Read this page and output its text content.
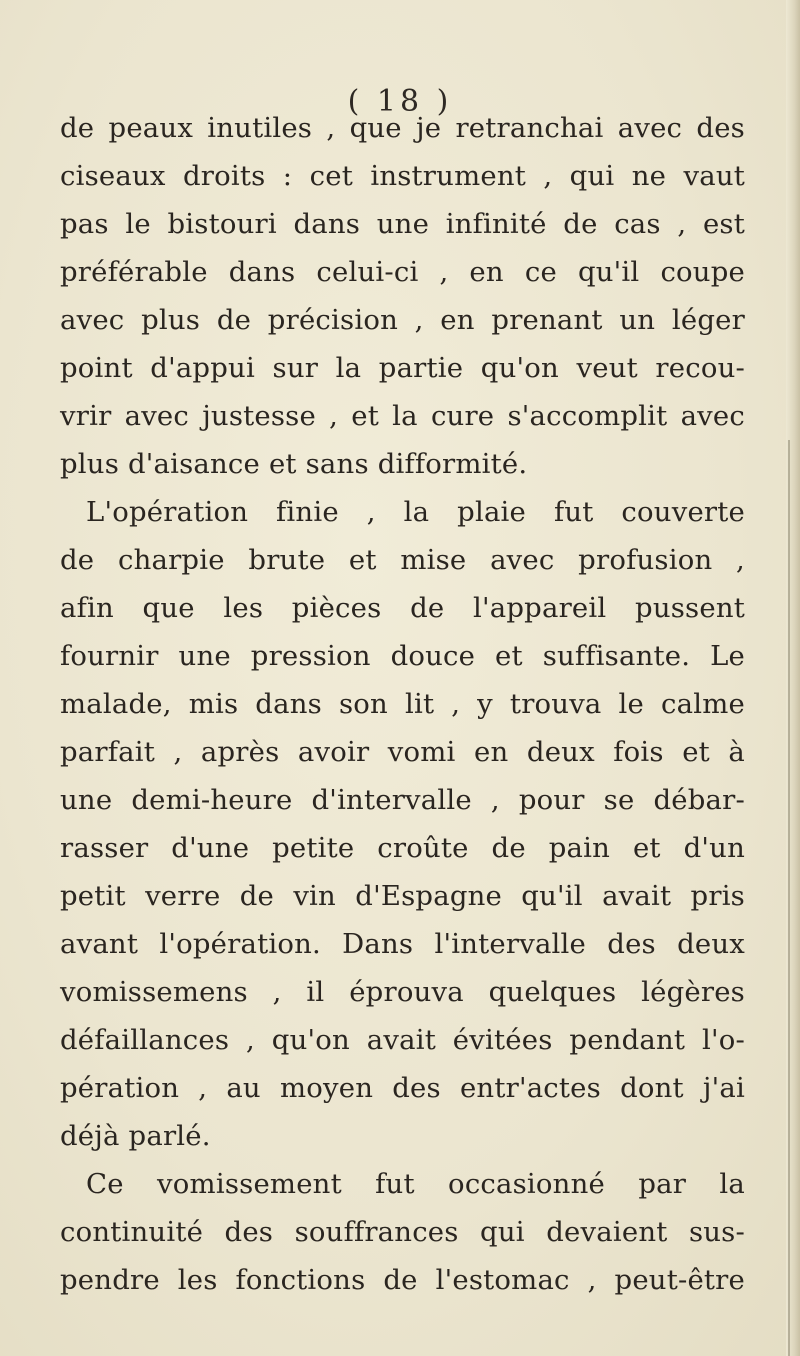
( 18 )
de peaux inutiles , que je retranchai avec des
ciseaux droits : cet instrument , qui ne vaut
pas le bistouri dans une infinité de cas , est
préférable dans celui-ci , en ce qu'il coupe
avec plus de précision , en prenant un léger
point d'appui sur la partie qu'on veut recou-
vrir avec justesse , et la cure s'accomplit avec
plus d'aisance et sans difformité.
L'opération finie , la plaie fut couverte
de charpie brute et mise avec profusion ,
afin que les pièces de l'appareil pussent
fournir une pression douce et suffisante. Le
malade, mis dans son lit , y trouva le calme
parfait , après avoir vomi en deux fois et à
une demi-heure d'intervalle , pour se débar-
rasser d'une petite croûte de pain et d'un
petit verre de vin d'Espagne qu'il avait pris
avant l'opération. Dans l'intervalle des deux
vomissemens , il éprouva quelques légères
défaillances , qu'on avait évitées pendant l'o-
pération , au moyen des entr'actes dont j'ai
déjà parlé.
Ce vomissement fut occasionné par la
continuité des souffrances qui devaient sus-
pendre les fonctions de l'estomac , peut-être
